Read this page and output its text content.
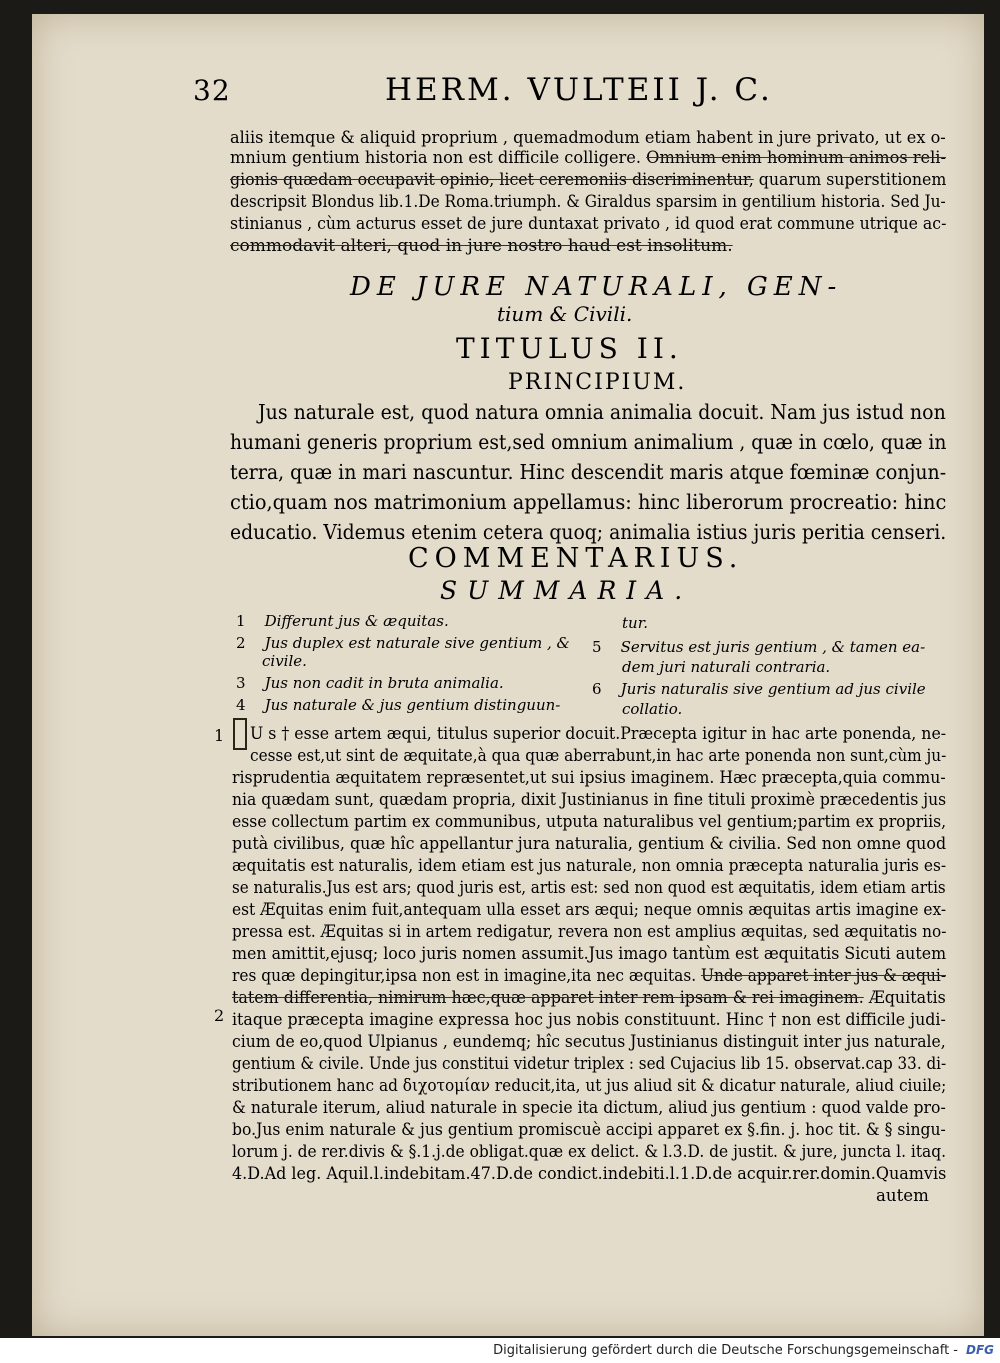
32	HERM. VULTEII J. C.
aliis itemque & aliquid proprium , quemadmodum etiam habent in jure privato, ut ex o-
mnium gentium historia non est difficile colligere. Omnium enim hominum animos reli-
gionis quædam occupavit opinio, licet ceremoniis discriminentur, quarum superstitionem
descripsit Blondus lib.1.De Roma.triumph. & Giraldus sparsim in gentilium historia. Sed Ju-
stinianus , cùm acturus esset de jure duntaxat privato , id quod erat commune utrique ac-
commodavit alteri, quod in jure nostro haud est insolitum.
DE JURE NATURALI, GEN-
tium & Civili.
TITULUS II.
PRINCIPIUM.
Jus naturale est, quod natura omnia animalia docuit. Nam jus istud non
humani generis proprium est,sed omnium animalium , quæ in cœlo, quæ in
terra, quæ in mari nascuntur. Hinc descendit maris atque fœminæ conjun-
ctio,quam nos matrimonium appellamus: hinc liberorum procreatio: hinc
educatio. Videmus etenim cetera quoq; animalia istius juris peritia censeri.
COMMENTARIUS.
SUMMARIA.
1 Differunt jus & æquitas.
2 Jus duplex est naturale sive gentium , &
civile.
3 Jus non cadit in bruta animalia.
4 Jus naturale & jus gentium distinguun-
tur.
5 Servitus est juris gentium , & tamen ea-
dem juri naturali contraria.
6 Juris naturalis sive gentium ad jus civile
collatio.
1
2
U s † esse artem æqui, titulus superior docuit.Præcepta igitur in hac arte ponenda, ne-
cesse est,ut sint de æquitate,à qua quæ aberrabunt,in hac arte ponenda non sunt,cùm ju-
risprudentia æquitatem repræsentet,ut sui ipsius imaginem. Hæc præcepta,quia commu-
nia quædam sunt, quædam propria, dixit Justinianus in fine tituli proximè præcedentis jus
esse collectum partim ex communibus, utputa naturalibus vel gentium;partim ex propriis,
putà civilibus, quæ hîc appellantur jura naturalia, gentium & civilia. Sed non omne quod
æquitatis est naturalis, idem etiam est jus naturale, non omnia præcepta naturalia juris es-
se naturalis.Jus est ars; quod juris est, artis est: sed non quod est æquitatis, idem etiam artis
est Æquitas enim fuit,antequam ulla esset ars æqui; neque omnis æquitas artis imagine ex-
pressa est. Æquitas si in artem redigatur, revera non est amplius æquitas, sed æquitatis no-
men amittit,ejusq; loco juris nomen assumit.Jus imago tantùm est æquitatis Sicuti autem
res quæ depingitur,ipsa non est in imagine,ita nec æquitas. Unde apparet inter jus & æqui-
tatem differentia, nimirum hæc,quæ apparet inter rem ipsam & rei imaginem. Æquitatis
itaque præcepta imagine expressa hoc jus nobis constituunt. Hinc † non est difficile judi-
cium de eo,quod Ulpianus , eundemq; hîc secutus Justinianus distinguit inter jus naturale,
gentium & civile. Unde jus constitui videtur triplex : sed Cujacius lib 15. observat.cap 33. di-
stributionem hanc ad διχοτομίαν reducit,ita, ut jus aliud sit & dicatur naturale, aliud ciuile;
& naturale iterum, aliud naturale in specie ita dictum, aliud jus gentium : quod valde pro-
bo.Jus enim naturale & jus gentium promiscuè accipi apparet ex §.fin. j. hoc tit. & § singu-
lorum j. de rer.divis & §.1.j.de obligat.quæ ex delict. & l.3.D. de justit. & jure, juncta l. itaq.
4.D.Ad leg. Aquil.l.indebitam.47.D.de condict.indebiti.l.1.D.de acquir.rer.domin.Quamvis
autem
Digitalisierung gefördert durch die Deutsche Forschungsgemeinschaft - DFG
